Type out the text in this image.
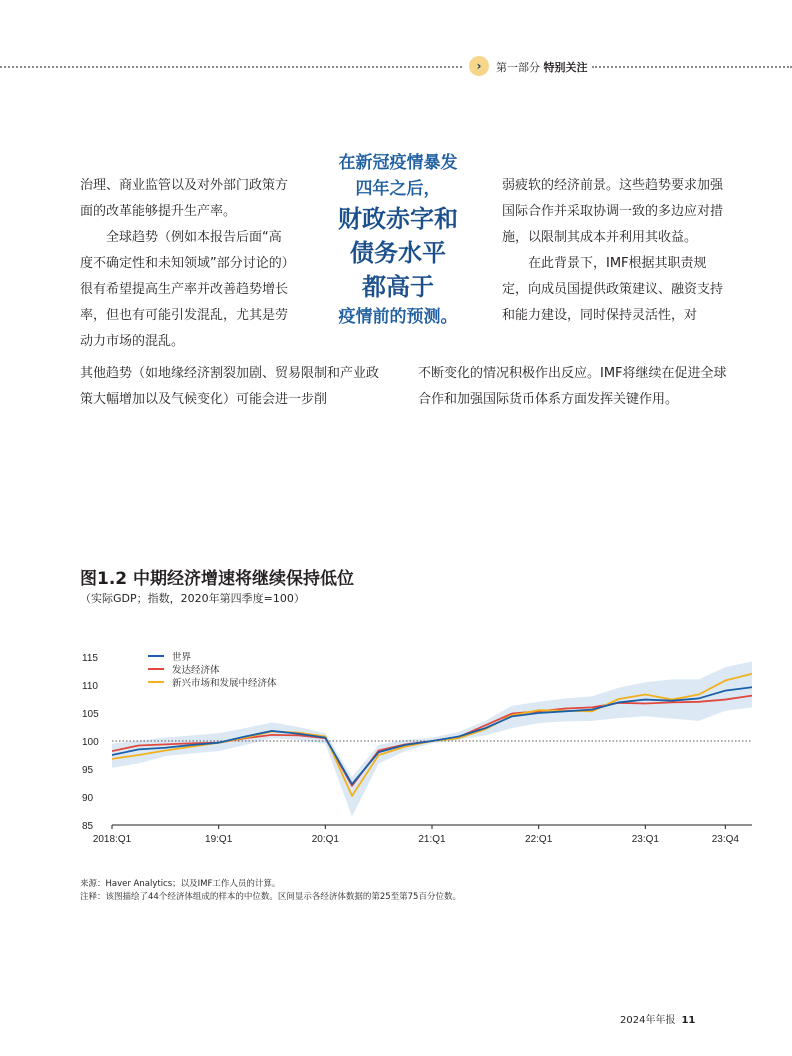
›	第一部分 特别关注

治理、商业监管以及对外部门政策方面的改革能够提升生产率。

全球趋势（例如本报告后面“高度不确定性和未知领域”部分讨论的）很有希望提高生产率并改善趋势增长率，但也有可能引发混乱，尤其是劳动力市场的混乱。

其他趋势（如地缘经济割裂加剧、贸易限制和产业政策大幅增加以及气候变化）可能会进一步削

在新冠疫情暴发
四年之后，
财政赤字和
债务水平
都高于
疫情前的预测。

弱疲软的经济前景。这些趋势要求加强国际合作并采取协调一致的多边应对措施，以限制其成本并利用其收益。

在此背景下，IMF根据其职责规定，向成员国提供政策建议、融资支持和能力建设，同时保持灵活性，对

不断变化的情况积极作出反应。IMF将继续在促进全球合作和加强国际货币体系方面发挥关键作用。

图1.2 中期经济增速将继续保持低位
（实际GDP；指数，2020年第四季度=100）
85
90
95
100
105
110
115
2018:Q1	19:Q1	20:Q1	21:Q1	22:Q1	23:Q1	23:Q4
世界
发达经济体
新兴市场和发展中经济体
来源：Haver Analytics；以及IMF工作人员的计算。
注释：该图描绘了44个经济体组成的样本的中位数。区间显示各经济体数据的第25至第75百分位数。
2024年年报 11
